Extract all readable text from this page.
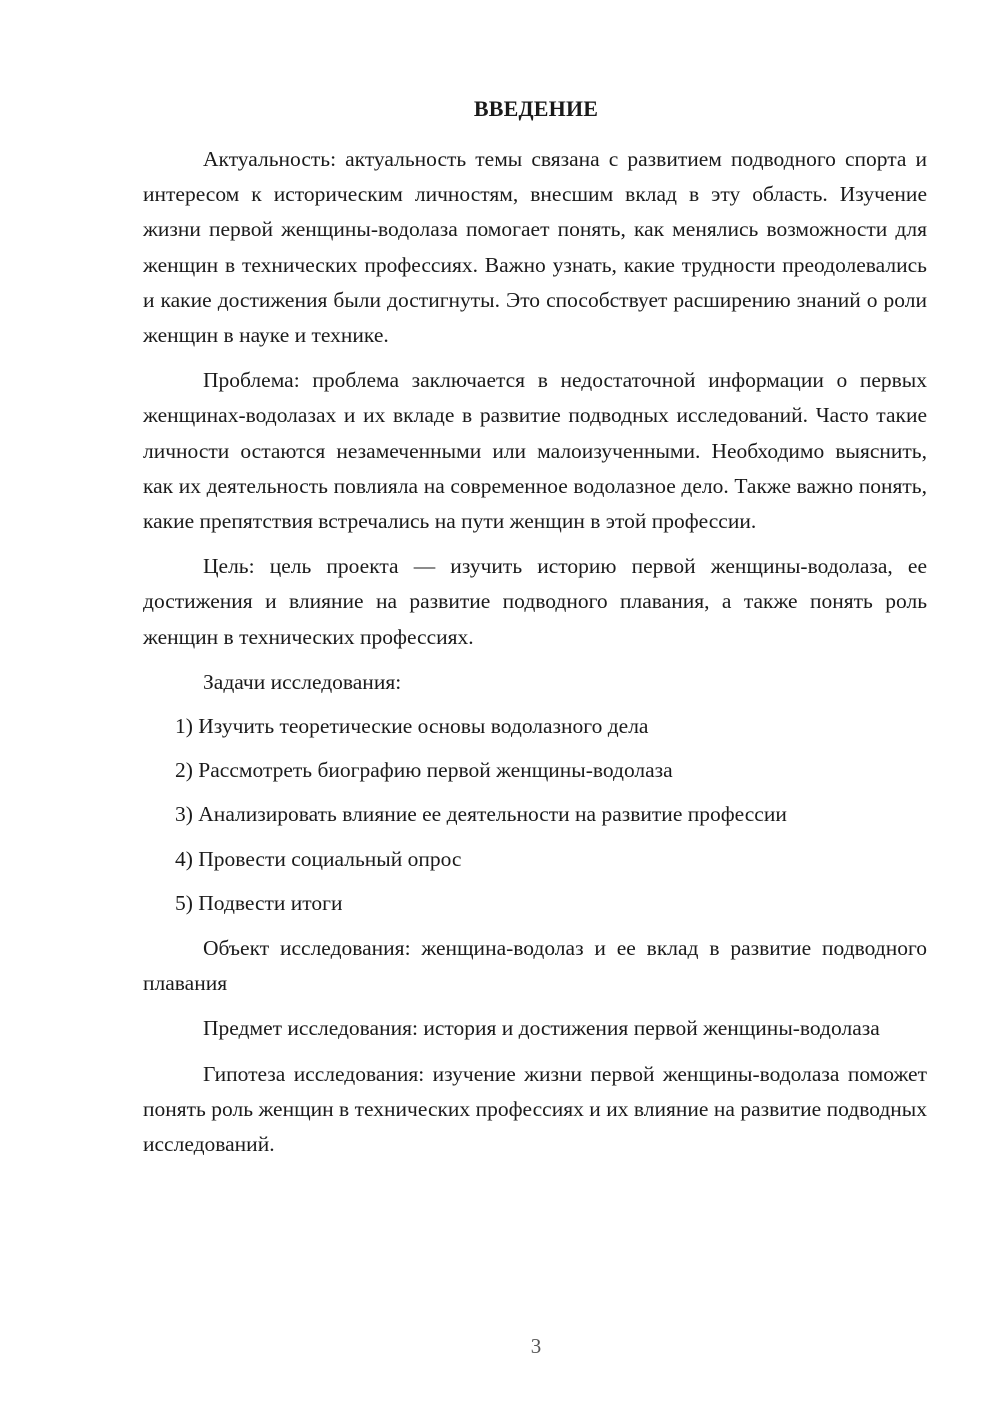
ВВЕДЕНИЕ

Актуальность: актуальность темы связана с развитием подводного спорта и интересом к историческим личностям, внесшим вклад в эту область. Изучение жизни первой женщины-водолаза помогает понять, как менялись возможности для женщин в технических профессиях. Важно узнать, какие трудности преодолевались и какие достижения были достигнуты. Это способствует расширению знаний о роли женщин в науке и технике.

Проблема: проблема заключается в недостаточной информации о первых женщинах-водолазах и их вкладе в развитие подводных исследований. Часто такие личности остаются незамеченными или малоизученными. Необходимо выяснить, как их деятельность повлияла на современное водолазное дело. Также важно понять, какие препятствия встречались на пути женщин в этой профессии.

Цель: цель проекта — изучить историю первой женщины-водолаза, ее достижения и влияние на развитие подводного плавания, а также понять роль женщин в технических профессиях.

Задачи исследования:

1) Изучить теоретические основы водолазного дела

2) Рассмотреть биографию первой женщины-водолаза

3) Анализировать влияние ее деятельности на развитие профессии

4) Провести социальный опрос

5) Подвести итоги

Объект исследования: женщина-водолаз и ее вклад в развитие подводного плавания

Предмет исследования: история и достижения первой женщины-водолаза

Гипотеза исследования: изучение жизни первой женщины-водолаза поможет понять роль женщин в технических профессиях и их влияние на развитие подводных исследований.

3
